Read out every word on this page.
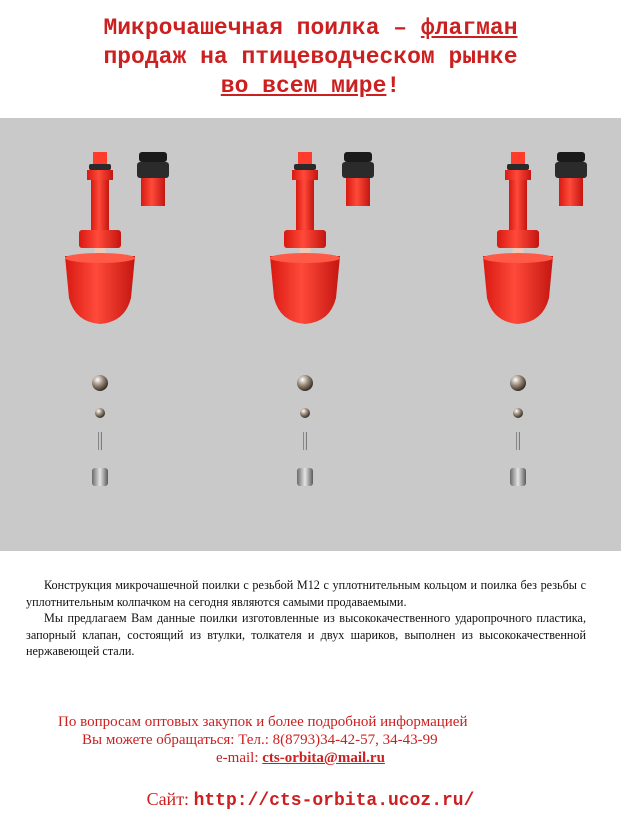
Микрочашечная поилка – флагман
продаж на птицеводческом рынке
во всем мире!

Конструкция микрочашечной поилки с резьбой М12 с уплотнительным кольцом и поилка без резьбы с уплотнительным колпачком на сегодня являются самыми продаваемыми.

Мы предлагаем Вам данные поилки изготовленные из высококачественного ударопрочного пластика, запорный клапан, состоящий из втулки, толкателя и двух шариков, выполнен из высококачественной нержавеющей стали.

По вопросам оптовых закупок и более подробной информацией
Вы можете обращаться: Тел.: 8(8793)34-42-57, 34-43-99
e-mail: cts-orbita@mail.ru
Сайт: http://cts-orbita.ucoz.ru/
